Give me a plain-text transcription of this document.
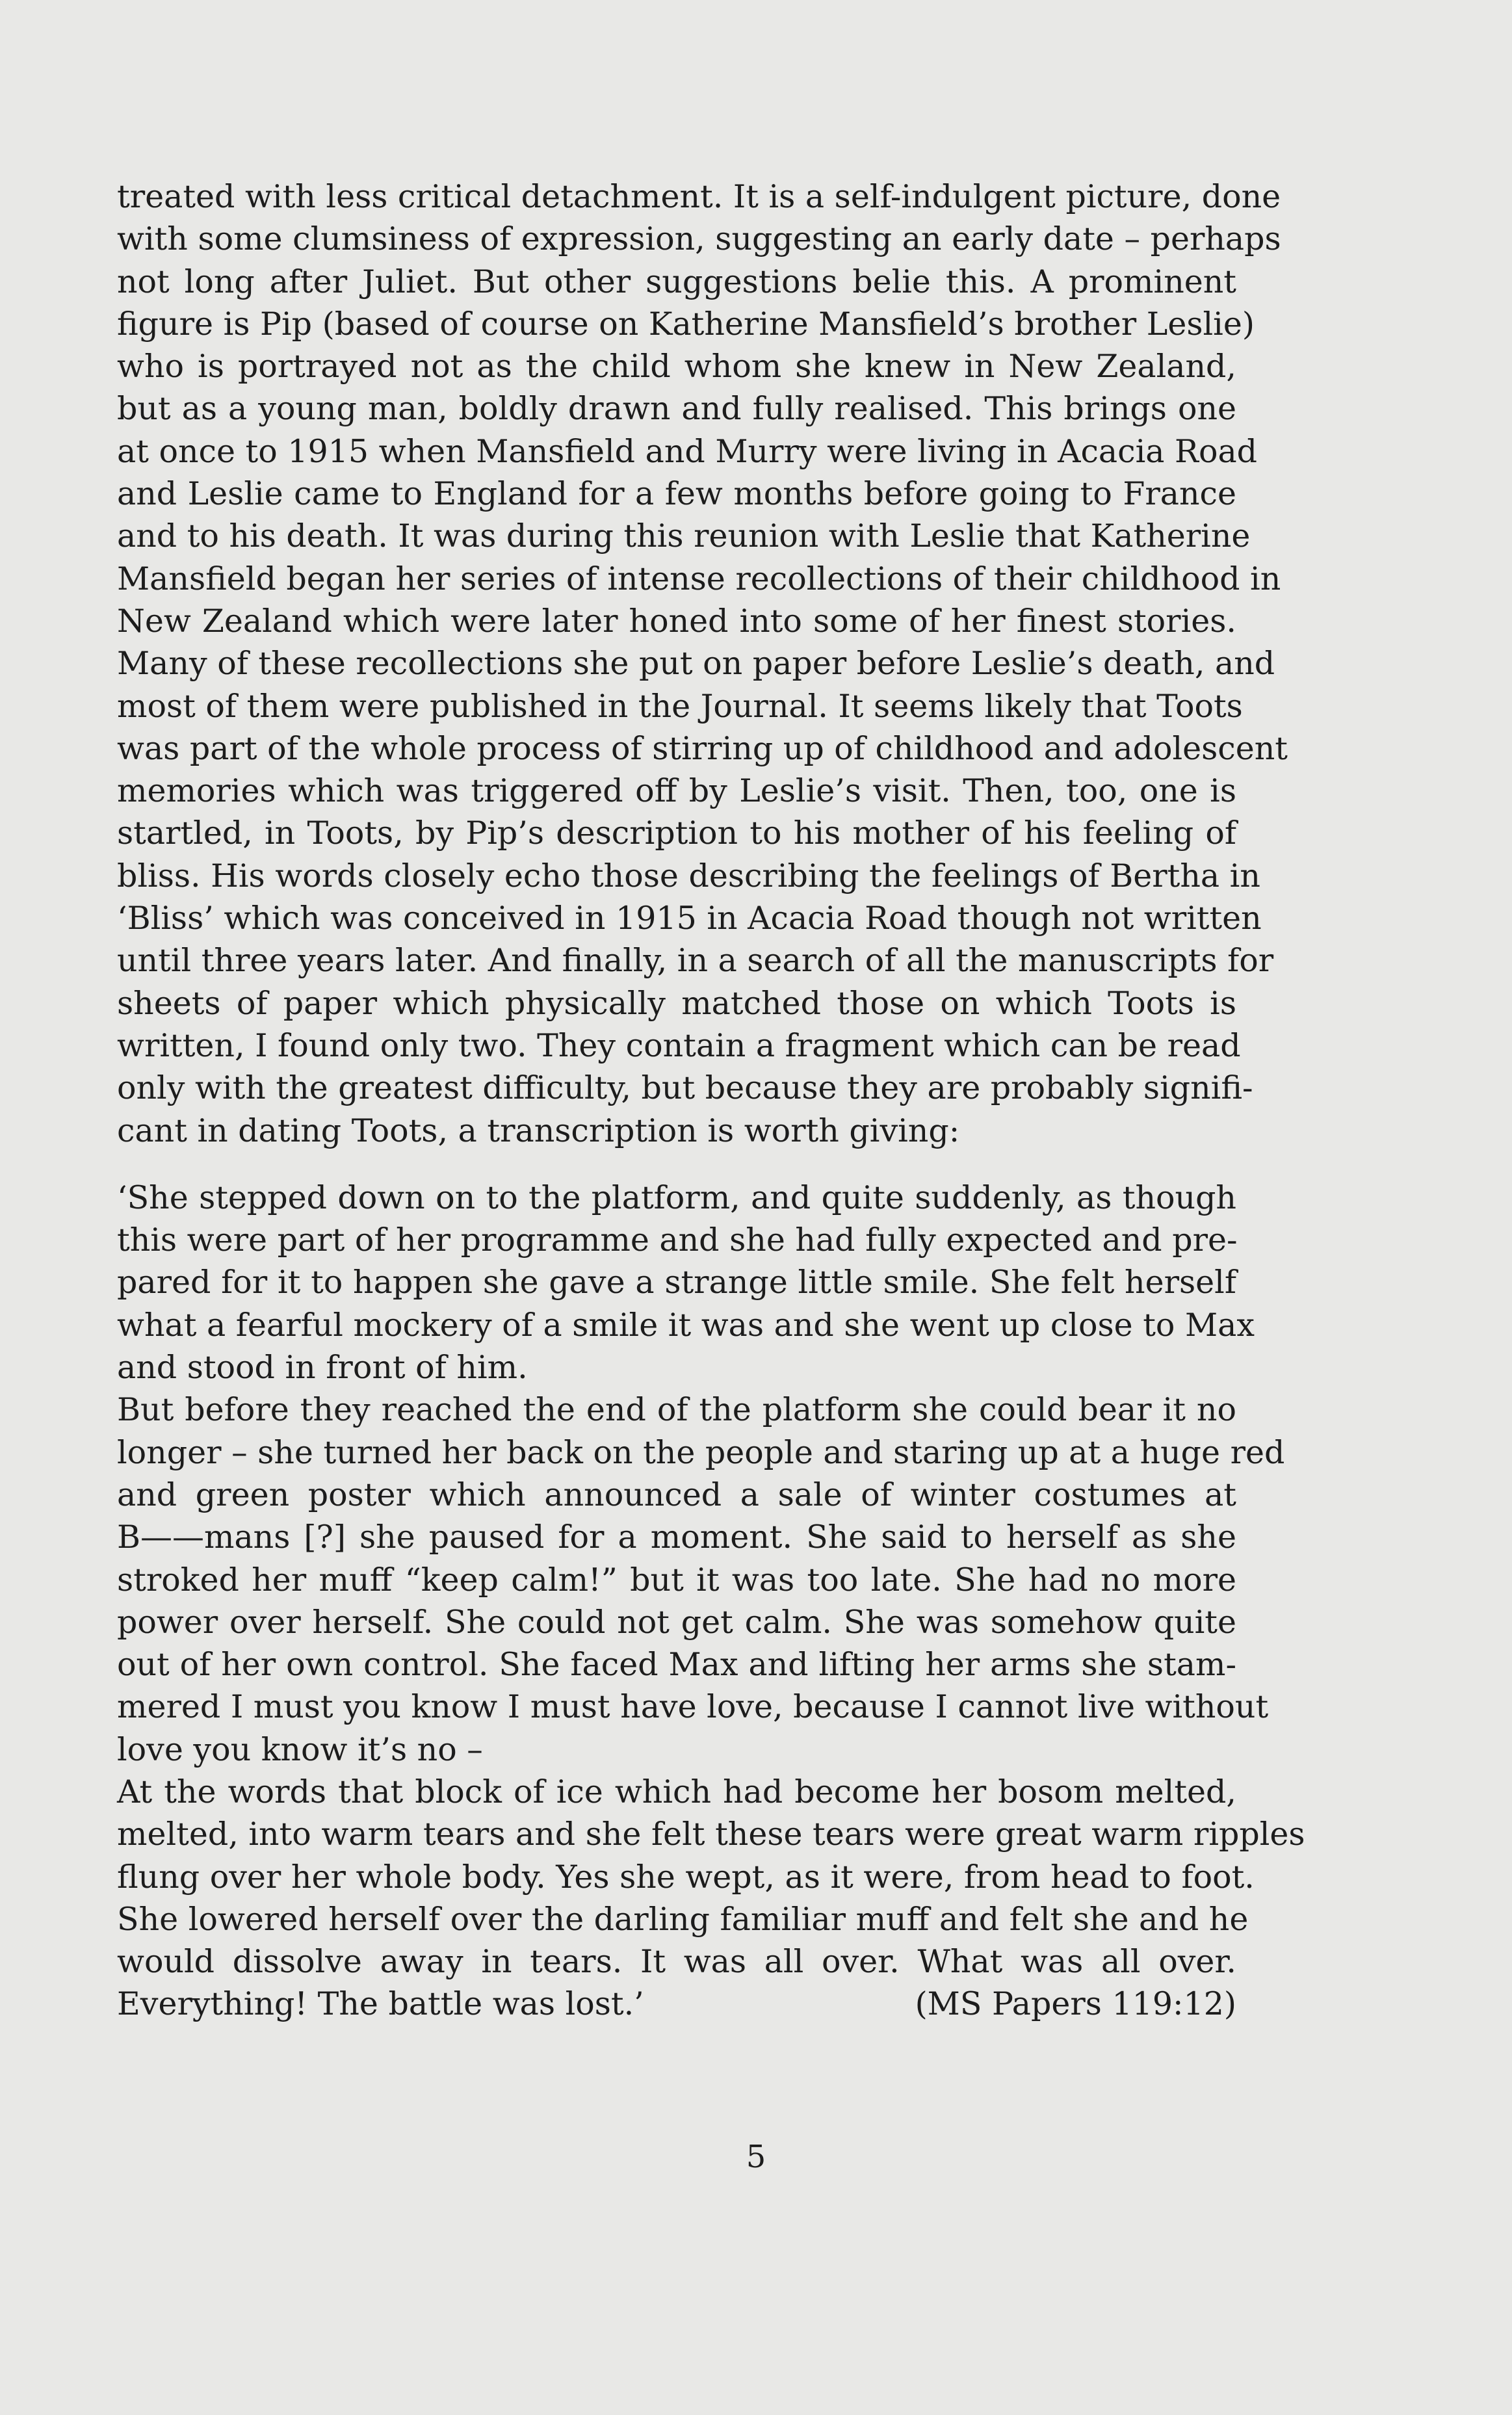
treated with less critical detachment. It is a self-indulgent picture, done
with some clumsiness of expression, suggesting an early date – perhaps
not long after Juliet. But other suggestions belie this. A prominent
figure is Pip (based of course on Katherine Mansfield’s brother Leslie)
who is portrayed not as the child whom she knew in New Zealand,
but as a young man, boldly drawn and fully realised. This brings one
at once to 1915 when Mansfield and Murry were living in Acacia Road
and Leslie came to England for a few months before going to France
and to his death. It was during this reunion with Leslie that Katherine
Mansfield began her series of intense recollections of their childhood in
New Zealand which were later honed into some of her finest stories.
Many of these recollections she put on paper before Leslie’s death, and
most of them were published in the Journal. It seems likely that Toots
was part of the whole process of stirring up of childhood and adolescent
memories which was triggered off by Leslie’s visit. Then, too, one is
startled, in Toots, by Pip’s description to his mother of his feeling of
bliss. His words closely echo those describing the feelings of Bertha in
‘Bliss’ which was conceived in 1915 in Acacia Road though not written
until three years later. And finally, in a search of all the manuscripts for
sheets of paper which physically matched those on which Toots is
written, I found only two. They contain a fragment which can be read
only with the greatest difficulty, but because they are probably signifi-
cant in dating Toots, a transcription is worth giving:
‘She stepped down on to the platform, and quite suddenly, as though
this were part of her programme and she had fully expected and pre-
pared for it to happen she gave a strange little smile. She felt herself
what a fearful mockery of a smile it was and she went up close to Max
and stood in front of him.
But before they reached the end of the platform she could bear it no
longer – she turned her back on the people and staring up at a huge red
and green poster which announced a sale of winter costumes at
B——mans [?] she paused for a moment. She said to herself as she
stroked her muff “keep calm!” but it was too late. She had no more
power over herself. She could not get calm. She was somehow quite
out of her own control. She faced Max and lifting her arms she stam-
mered I must you know I must have love, because I cannot live without
love you know it’s no –
At the words that block of ice which had become her bosom melted,
melted, into warm tears and she felt these tears were great warm ripples
flung over her whole body. Yes she wept, as it were, from head to foot.
She lowered herself over the darling familiar muff and felt she and he
would dissolve away in tears. It was all over. What was all over.
Everything! The battle was lost.’	(MS Papers 119:12)
5
